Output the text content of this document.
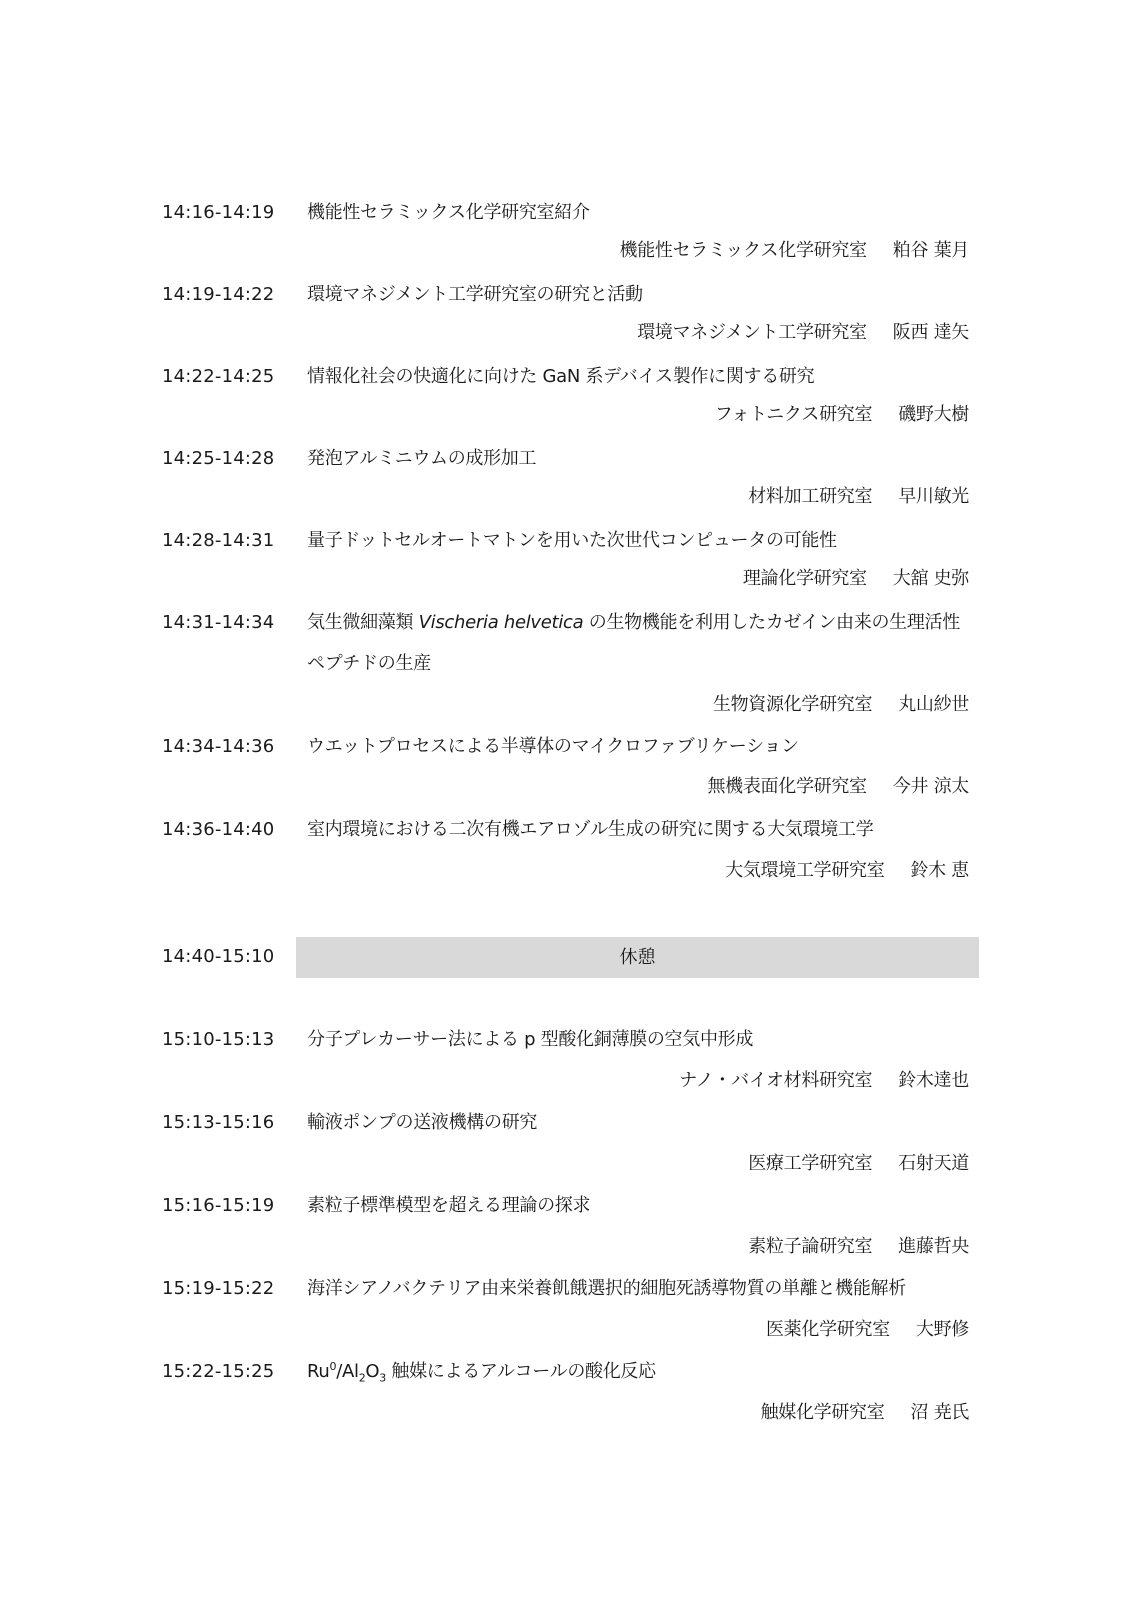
14:16-14:19	機能性セラミックス化学研究室紹介
機能性セラミックス化学研究室 粕谷 葉月
14:19-14:22	環境マネジメント工学研究室の研究と活動
環境マネジメント工学研究室 阪西 達矢
14:22-14:25	情報化社会の快適化に向けた GaN 系デバイス製作に関する研究
フォトニクス研究室 磯野大樹
14:25-14:28	発泡アルミニウムの成形加工
材料加工研究室 早川敏光
14:28-14:31	量子ドットセルオートマトンを用いた次世代コンピュータの可能性
理論化学研究室 大舘 史弥
14:31-14:34	気生微細藻類 Vischeria helvetica の生物機能を利用したカゼイン由来の生理活性
ペプチドの生産
生物資源化学研究室 丸山紗世
14:34-14:36	ウエットプロセスによる半導体のマイクロファブリケーション
無機表面化学研究室 今井 涼太
14:36-14:40	室内環境における二次有機エアロゾル生成の研究に関する大気環境工学
大気環境工学研究室 鈴木 恵
14:40-15:10	休憩
15:10-15:13	分子プレカーサー法による p 型酸化銅薄膜の空気中形成
ナノ・バイオ材料研究室 鈴木達也
15:13-15:16	輸液ポンプの送液機構の研究
医療工学研究室 石射天道
15:16-15:19	素粒子標準模型を超える理論の探求
素粒子論研究室 進藤哲央
15:19-15:22	海洋シアノバクテリア由来栄養飢餓選択的細胞死誘導物質の単離と機能解析
医薬化学研究室 大野修
15:22-15:25	$Ru^0/Al_2O_3$ 触媒によるアルコールの酸化反応
触媒化学研究室 沼 尭氏
